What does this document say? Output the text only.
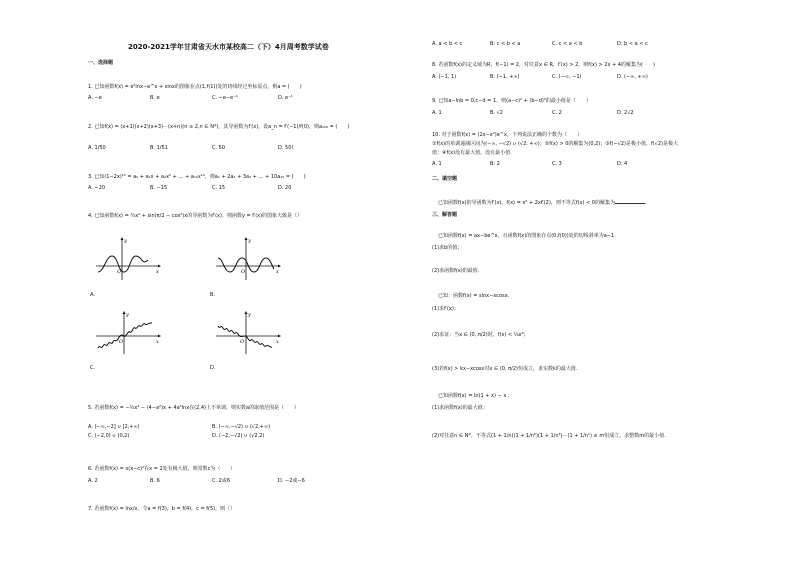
2020-2021学年甘肃省天水市某校高二（下）4月周考数学试卷
一、选择题
1. 已知函数f(x) = e²lnx−e^x + sinx的图象在点(1,f(1))处的切线经过坐标原点，则a = (　　)
A. −e	B. e	C. −e−e⁻¹	D. e⁻¹
2. 已知f(x) = (x+1)(x+2)(x+3)⋯(x+n)(n ≥ 2,n ∈ N*)，其导函数为f′(x)，设a_n = f′(−1)/f(0)，则a₁₀₀ = (　　)
A. 1/50	B. 1/51	C. 50	D. 50!
3. 已知(1−2x)¹⁰ = a₀ + a₁x + a₂x² + … + a₁₀x¹⁰，则a₁ + 2a₂ + 3a₃ + … + 10a₁₀ = (　　)
A. −20	B. −15	C. 15	D. 20
4. 已知函数f(x) = ¼x² + sin(π/2 − cos²)x的导函数为f′(x)，则函数y = f′(x)的图象大致是（）
y
x
O
A.
y
x
O
B.
y
x
O
C.
y
x
O
D.
5. 若函数f(x) = −⅓x³ − (4−a²)x + 4a²lnx在(2,4)上不单调，则实数a的取值范围是（　　）
A. (−∞,−2] ∪ [2,+∞)	B. (−∞,−√2) ∪ (√2,+∞)
C. (−2,0) ∪ (0,2)	D. (−2,−√2) ∪ (√2,2)
6. 若函数f(x) = x(x−c)²在x = 2处有极大值，则常数c为（　　）
A. 2	B. 6	C. 2或6	D. −2或−6
7. 若函数f(x) = lnx/x，令a = f(3)，b = f(4)，c = f(5)，则（）
A. a < b < c	B. c < b < a	C. c < a < b	D. b < a < c
8. 若函数f(x)的定义域为R，f(−1) = 2，对任意x ∈ R，f′(x) > 2，则f(x) > 2x + 4的解集为(　　)
A. (−1, 1)	B. (−1, +∞)	C. (−∞, −1)	D. (−∞, +∞)
9. 已知a−lnb = 0,c−d = 1，则(a−c)² + (b−d)²的最小值是（　　）
A. 1	B. √2	C. 2	D. 2√2
10. 对于函数f(x) = (2x−x²)e^x，下列说法正确的个数为（　　）
①f(x)的单调递减区间为(−∞, −√2) ∪ (√2, +∞)；②f(x) > 0的解集为(0,2)；③f(−√2)是极小值，f(√2)是极大
值；④f(x)没有最大值，没有最小值.
A. 1	B. 2	C. 3	D. 4
二、填空题
已知函数f(x)的导函数为f′(x)，f(x) = x² + 2xf′(2)，则不等式f(x) < 0的解集为	.
三、解答题
已知函数f(x) = ax−be^x，且函数f(x)的图象在点(0,f(0))处的切线斜率为a−1.
(1)求b的值；
(2)求函数f(x)的最值.
已知：函数f(x) = sinx−xcosx.
(1)求f′(x)；
(2)求证：当x ∈ (0, π/2)时，f(x) < ⅓x³；
(3)若f(x) > kx−xcosx对x ∈ (0, π/2)恒成立，求实数k的最大值.
已知函数f(x) = ln(1 + x) − x .
(1)求函数f(x)的最大值；
(2)对任意n ∈ N*，不等式(1 + 1/n)(1 + 1/n²)(1 + 1/n³)⋯(1 + 1/nⁿ) ≤ m恒成立，求整数m的最小值.
